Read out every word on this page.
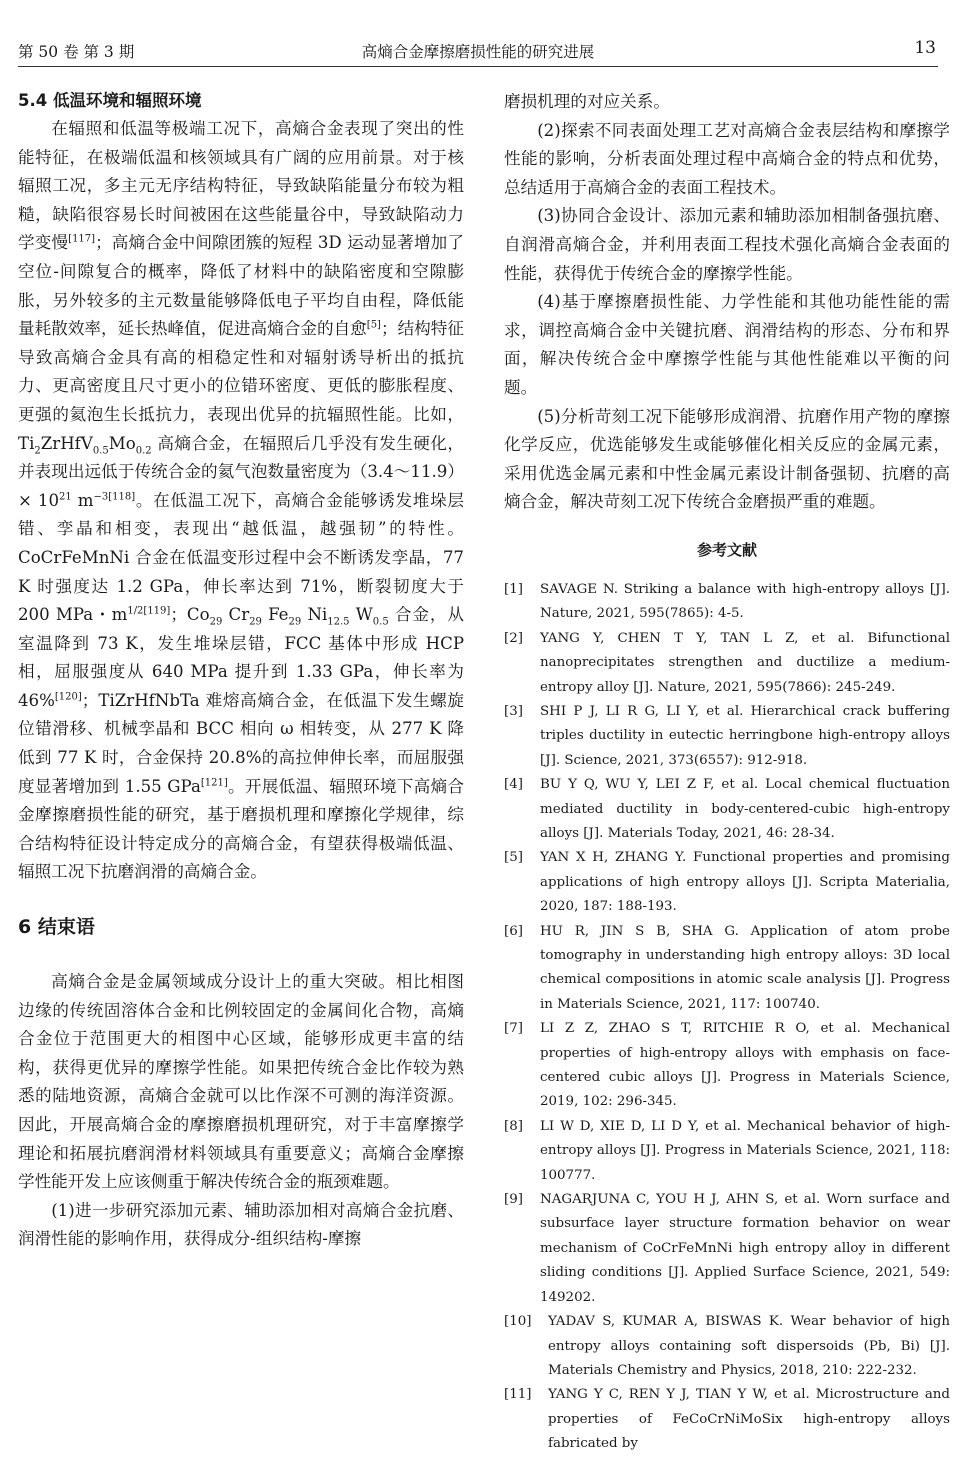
第 50 卷 第 3 期	高熵合金摩擦磨损性能的研究进展	13
5.4 低温环境和辐照环境

在辐照和低温等极端工况下，高熵合金表现了突出的性能特征，在极端低温和核领域具有广阔的应用前景。对于核辐照工况，多主元无序结构特征，导致缺陷能量分布较为粗糙，缺陷很容易长时间被困在这些能量谷中，导致缺陷动力学变慢[117]；高熵合金中间隙团簇的短程 3D 运动显著增加了空位-间隙复合的概率，降低了材料中的缺陷密度和空隙膨胀，另外较多的主元数量能够降低电子平均自由程，降低能量耗散效率，延长热峰值，促进高熵合金的自愈[5]；结构特征导致高熵合金具有高的相稳定性和对辐射诱导析出的抵抗力、更高密度且尺寸更小的位错环密度、更低的膨胀程度、更强的氦泡生长抵抗力，表现出优异的抗辐照性能。比如，$Ti_2ZrHfV_{0.5}Mo_{0.2}$ 高熵合金，在辐照后几乎没有发生硬化，并表现出远低于传统合金的氦气泡数量密度为（3.4～11.9）× $10^{21}$ $m^{-3[118]}$。在低温工况下，高熵合金能够诱发堆垛层错、孪晶和相变，表现出“越低温，越强韧”的特性。CoCrFeMnNi 合金在低温变形过程中会不断诱发孪晶，77 K 时强度达 1.2 GPa，伸长率达到 71%，断裂韧度大于 200 MPa・$m^{1/2[119]}$；$Co_{29}$ $Cr_{29}$ $Fe_{29}$ $Ni_{12.5}$ $W_{0.5}$ 合金，从室温降到 73 K，发生堆垛层错，FCC 基体中形成 HCP 相，屈服强度从 640 MPa 提升到 1.33 GPa，伸长率为 46%[120]；TiZrHfNbTa 难熔高熵合金，在低温下发生螺旋位错滑移、机械孪晶和 BCC 相向 ω 相转变，从 277 K 降低到 77 K 时，合金保持 20.8%的高拉伸伸长率，而屈服强度显著增加到 1.55 GPa[121]。开展低温、辐照环境下高熵合金摩擦磨损性能的研究，基于磨损机理和摩擦化学规律，综合结构特征设计特定成分的高熵合金，有望获得极端低温、辐照工况下抗磨润滑的高熵合金。

6 结束语

高熵合金是金属领域成分设计上的重大突破。相比相图边缘的传统固溶体合金和比例较固定的金属间化合物，高熵合金位于范围更大的相图中心区域，能够形成更丰富的结构，获得更优异的摩擦学性能。如果把传统合金比作较为熟悉的陆地资源，高熵合金就可以比作深不可测的海洋资源。因此，开展高熵合金的摩擦磨损机理研究，对于丰富摩擦学理论和拓展抗磨润滑材料领域具有重要意义；高熵合金摩擦学性能开发上应该侧重于解决传统合金的瓶颈难题。

(1)进一步研究添加元素、辅助添加相对高熵合金抗磨、润滑性能的影响作用，获得成分-组织结构-摩擦

磨损机理的对应关系。

(2)探索不同表面处理工艺对高熵合金表层结构和摩擦学性能的影响，分析表面处理过程中高熵合金的特点和优势，总结适用于高熵合金的表面工程技术。

(3)协同合金设计、添加元素和辅助添加相制备强抗磨、自润滑高熵合金，并利用表面工程技术强化高熵合金表面的性能，获得优于传统合金的摩擦学性能。

(4)基于摩擦磨损性能、力学性能和其他功能性能的需求，调控高熵合金中关键抗磨、润滑结构的形态、分布和界面，解决传统合金中摩擦学性能与其他性能难以平衡的问题。

(5)分析苛刻工况下能够形成润滑、抗磨作用产物的摩擦化学反应，优选能够发生或能够催化相关反应的金属元素，采用优选金属元素和中性金属元素设计制备强韧、抗磨的高熵合金，解决苛刻工况下传统合金磨损严重的难题。

参考文献
[1] SAVAGE N. Striking a balance with high-entropy alloys [J]. Nature, 2021, 595(7865): 4-5.
[2] YANG Y, CHEN T Y, TAN L Z, et al. Bifunctional nanoprecipitates strengthen and ductilize a medium-entropy alloy [J]. Nature, 2021, 595(7866): 245-249.
[3] SHI P J, LI R G, LI Y, et al. Hierarchical crack buffering triples ductility in eutectic herringbone high-entropy alloys [J]. Science, 2021, 373(6557): 912-918.
[4] BU Y Q, WU Y, LEI Z F, et al. Local chemical fluctuation mediated ductility in body-centered-cubic high-entropy alloys [J]. Materials Today, 2021, 46: 28-34.
[5] YAN X H, ZHANG Y. Functional properties and promising applications of high entropy alloys [J]. Scripta Materialia, 2020, 187: 188-193.
[6] HU R, JIN S B, SHA G. Application of atom probe tomography in understanding high entropy alloys: 3D local chemical compositions in atomic scale analysis [J]. Progress in Materials Science, 2021, 117: 100740.
[7] LI Z Z, ZHAO S T, RITCHIE R O, et al. Mechanical properties of high-entropy alloys with emphasis on face-centered cubic alloys [J]. Progress in Materials Science, 2019, 102: 296-345.
[8] LI W D, XIE D, LI D Y, et al. Mechanical behavior of high-entropy alloys [J]. Progress in Materials Science, 2021, 118: 100777.
[9] NAGARJUNA C, YOU H J, AHN S, et al. Worn surface and subsurface layer structure formation behavior on wear mechanism of CoCrFeMnNi high entropy alloy in different sliding conditions [J]. Applied Surface Science, 2021, 549: 149202.
[10] YADAV S, KUMAR A, BISWAS K. Wear behavior of high entropy alloys containing soft dispersoids (Pb, Bi) [J]. Materials Chemistry and Physics, 2018, 210: 222-232.
[11] YANG Y C, REN Y J, TIAN Y W, et al. Microstructure and properties of FeCoCrNiMoSix high-entropy alloys fabricated by
